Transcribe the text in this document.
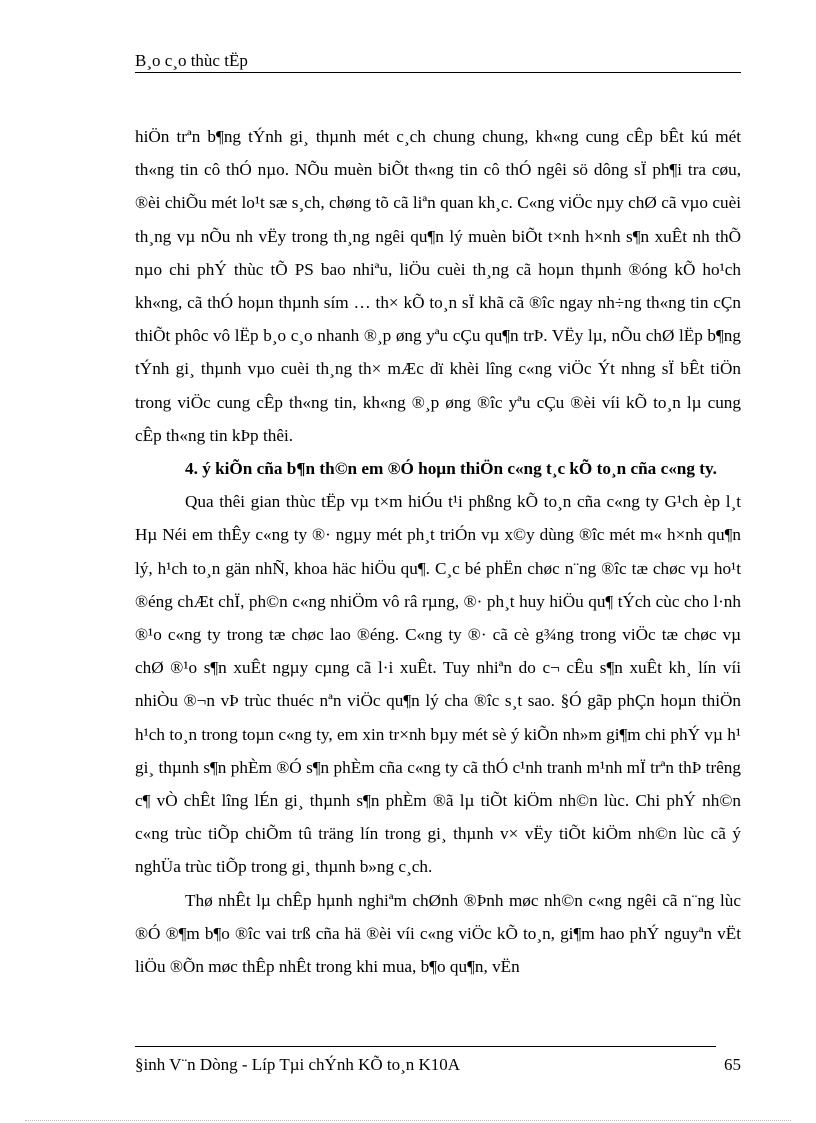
B¸o c¸o thùc tËp

hiÖn trªn b¶ng tÝnh gi¸ thµnh mét c¸ch chung chung, kh«ng cung cÊp bÊt kú mét th«ng tin cô thÓ nµo. NÕu muèn biÕt th«ng tin cô thÓ ngêi sö dông sÏ ph¶i tra cøu, ®èi chiÕu mét lo¹t sæ s¸ch, chøng tõ cã liªn quan kh¸c. C«ng viÖc nµy chØ cã vµo cuèi th¸ng vµ nÕu nh vËy trong th¸ng ngêi qu¶n lý muèn biÕt t×nh h×nh s¶n xuÊt nh thÕ nµo chi phÝ thùc tÕ PS bao nhiªu, liÖu cuèi th¸ng cã hoµn thµnh ®óng kÕ ho¹ch kh«ng, cã thÓ hoµn thµnh sím … th× kÕ to¸n sÏ khã cã ®îc ngay nh÷ng th«ng tin cÇn thiÕt phôc vô lËp b¸o c¸o nhanh ®¸p øng yªu cÇu qu¶n trÞ. VËy lµ, nÕu chØ lËp b¶ng tÝnh gi¸ thµnh vµo cuèi th¸ng th× mÆc dï khèi lîng c«ng viÖc Ýt nhng sÏ bÊt tiÖn trong viÖc cung cÊp th«ng tin, kh«ng ®¸p øng ®îc yªu cÇu ®èi víi kÕ to¸n lµ cung cÊp th«ng tin kÞp thêi.

4. ý kiÕn cña b¶n th©n em ®Ó hoµn thiÖn c«ng t¸c kÕ to¸n cña c«ng ty.

Qua thêi gian thùc tËp vµ t×m hiÓu t¹i phßng kÕ to¸n cña c«ng ty G¹ch èp l¸t Hµ Néi em thÊy c«ng ty ®· ngµy mét ph¸t triÓn vµ x©y dùng ®îc mét m« h×nh qu¶n lý, h¹ch to¸n gän nhÑ, khoa häc hiÖu qu¶. C¸c bé phËn chøc n¨ng ®îc tæ chøc vµ ho¹t ®éng chÆt chÏ, ph©n c«ng nhiÖm vô râ rµng, ®· ph¸t huy hiÖu qu¶ tÝch cùc cho l·nh ®¹o c«ng ty trong tæ chøc lao ®éng. C«ng ty ®· cã cè g¾ng trong viÖc tæ chøc vµ chØ ®¹o s¶n xuÊt ngµy cµng cã l·i xuÊt. Tuy nhiªn do c¬ cÊu s¶n xuÊt kh¸ lín víi nhiÒu ®¬n vÞ trùc thuéc nªn viÖc qu¶n lý cha ®îc s¸t sao. §Ó gãp phÇn hoµn thiÖn h¹ch to¸n trong toµn c«ng ty, em xin tr×nh bµy mét sè ý kiÕn nh»m gi¶m chi phÝ vµ h¹ gi¸ thµnh s¶n phÈm ®Ó s¶n phÈm cña c«ng ty cã thÓ c¹nh tranh m¹nh mÏ trªn thÞ trêng c¶ vÒ chÊt lîng lÉn gi¸ thµnh s¶n phÈm ®ã lµ tiÕt kiÖm nh©n lùc. Chi phÝ nh©n c«ng trùc tiÕp chiÕm tû träng lín trong gi¸ thµnh v× vËy tiÕt kiÖm nh©n lùc cã ý nghÜa trùc tiÕp trong gi¸ thµnh b»ng c¸ch.

Thø nhÊt lµ chÊp hµnh nghiªm chØnh ®Þnh møc nh©n c«ng ngêi cã n¨ng lùc ®Ó ®¶m b¶o ®îc vai trß cña hä ®èi víi c«ng viÖc kÕ to¸n, gi¶m hao phÝ nguyªn vËt liÖu ®Õn møc thÊp nhÊt trong khi mua, b¶o qu¶n, vËn

§inh V¨n Dòng - Líp Tµi chÝnh KÕ to¸n K10A	65
